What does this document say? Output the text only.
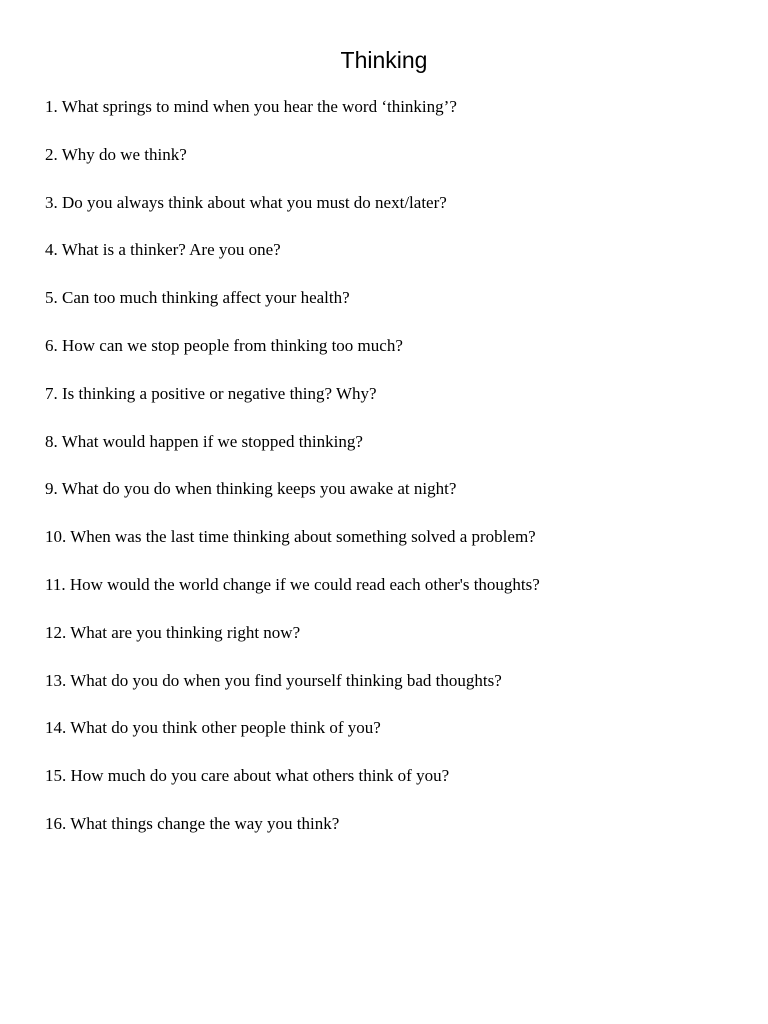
Thinking
1. What springs to mind when you hear the word ‘thinking’?
2. Why do we think?
3. Do you always think about what you must do next/later?
4. What is a thinker? Are you one?
5. Can too much thinking affect your health?
6. How can we stop people from thinking too much?
7. Is thinking a positive or negative thing? Why?
8. What would happen if we stopped thinking?
9. What do you do when thinking keeps you awake at night?
10. When was the last time thinking about something solved a problem?
11. How would the world change if we could read each other's thoughts?
12. What are you thinking right now?
13. What do you do when you find yourself thinking bad thoughts?
14. What do you think other people think of you?
15. How much do you care about what others think of you?
16. What things change the way you think?
